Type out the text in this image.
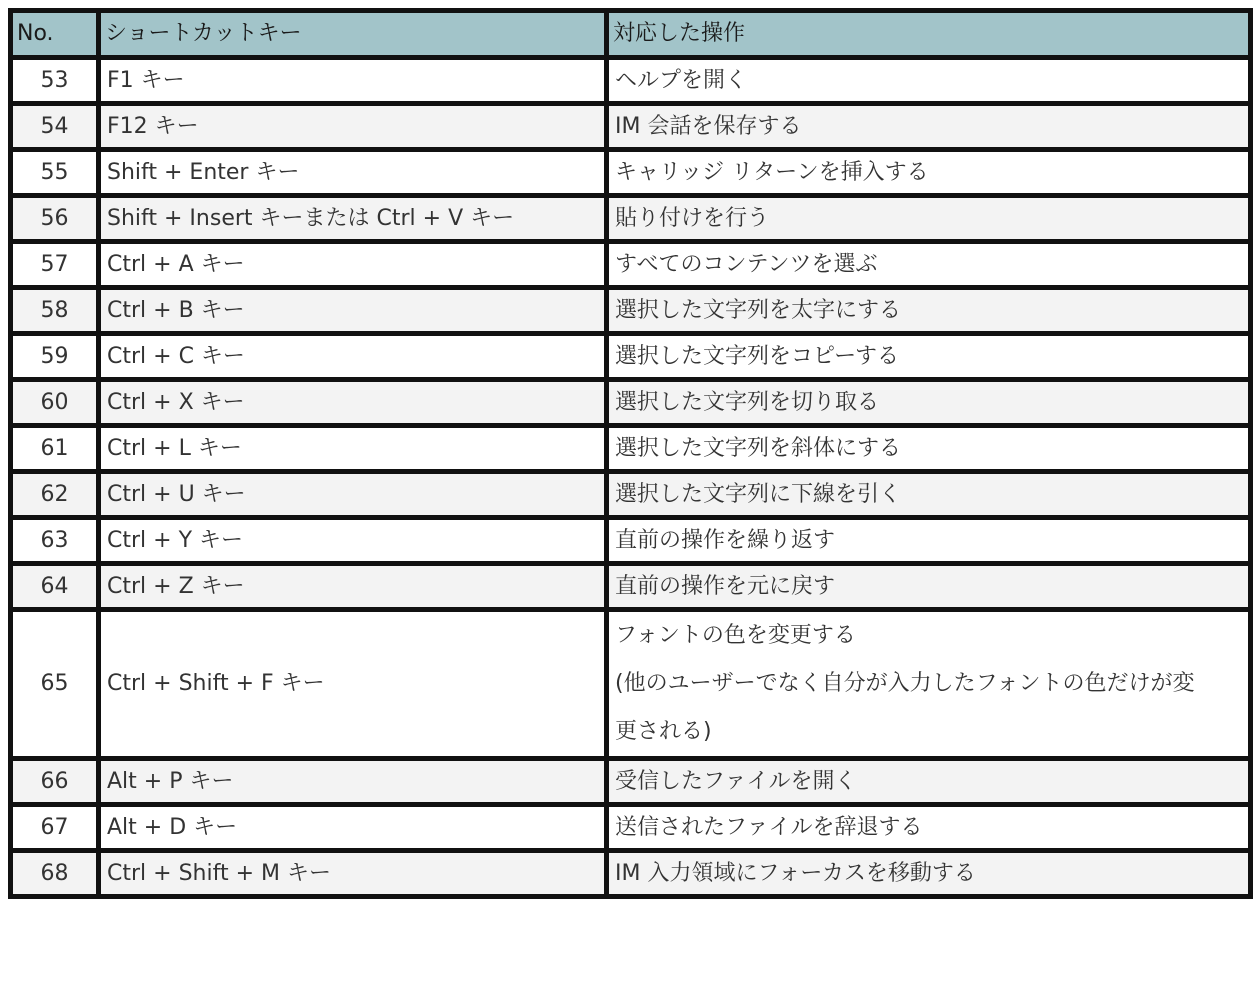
No.	ショートカットキー	対応した操作
53	F1 キー	ヘルプを開く
54	F12 キー	IM 会話を保存する
55	Shift + Enter キー	キャリッジ リターンを挿入する
56	Shift + Insert キーまたは Ctrl + V キー	貼り付けを行う
57	Ctrl + A キー	すべてのコンテンツを選ぶ
58	Ctrl + B キー	選択した文字列を太字にする
59	Ctrl + C キー	選択した文字列をコピーする
60	Ctrl + X キー	選択した文字列を切り取る
61	Ctrl + L キー	選択した文字列を斜体にする
62	Ctrl + U キー	選択した文字列に下線を引く
63	Ctrl + Y キー	直前の操作を繰り返す
64	Ctrl + Z キー	直前の操作を元に戻す
65	Ctrl + Shift + F キー	フォントの色を変更する
(他のユーザーでなく自分が入力したフォントの色だけが変
更される)

66	Alt + P キー	受信したファイルを開く
67	Alt + D キー	送信されたファイルを辞退する
68	Ctrl + Shift + M キー	IM 入力領域にフォーカスを移動する
